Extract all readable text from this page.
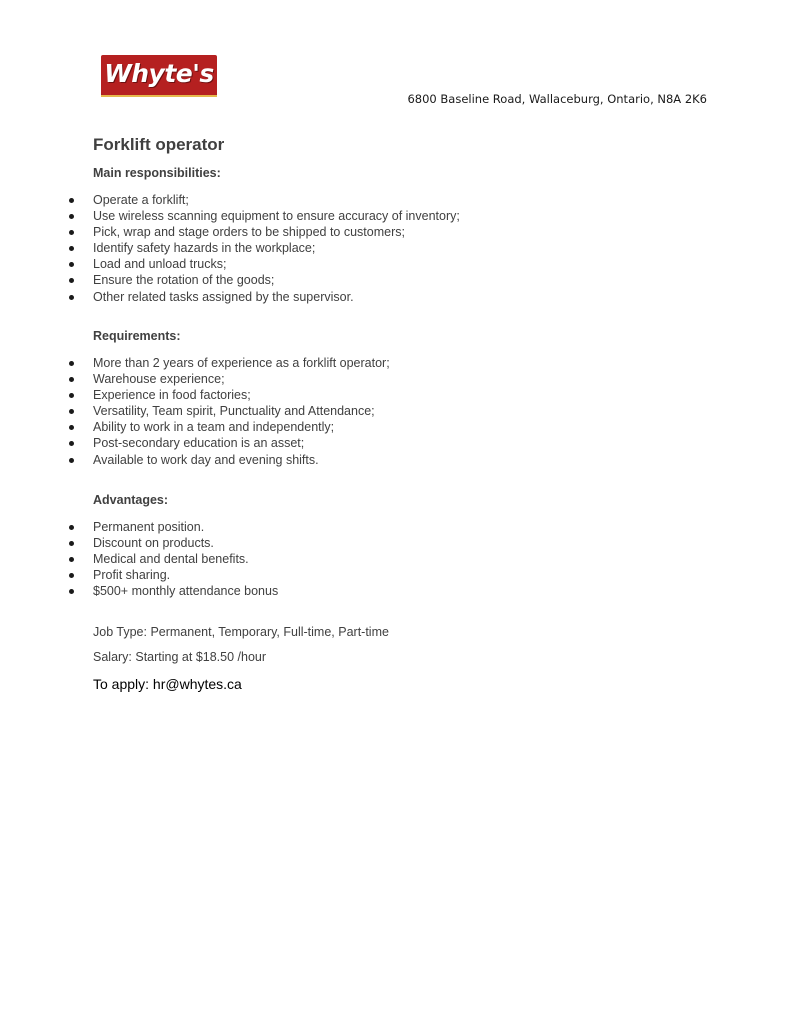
Whyte's
6800 Baseline Road, Wallaceburg, Ontario, N8A 2K6
Forklift operator
Main responsibilities:
Operate a forklift;
Use wireless scanning equipment to ensure accuracy of inventory;
Pick, wrap and stage orders to be shipped to customers;
Identify safety hazards in the workplace;
Load and unload trucks;
Ensure the rotation of the goods;
Other related tasks assigned by the supervisor.
Requirements:
More than 2 years of experience as a forklift operator;
Warehouse experience;
Experience in food factories;
Versatility, Team spirit, Punctuality and Attendance;
Ability to work in a team and independently;
Post-secondary education is an asset;
Available to work day and evening shifts.
Advantages:
Permanent position.
Discount on products.
Medical and dental benefits.
Profit sharing.
$500+ monthly attendance bonus
Job Type: Permanent, Temporary, Full-time, Part-time
Salary: Starting at $18.50 /hour
To apply: hr@whytes.ca
